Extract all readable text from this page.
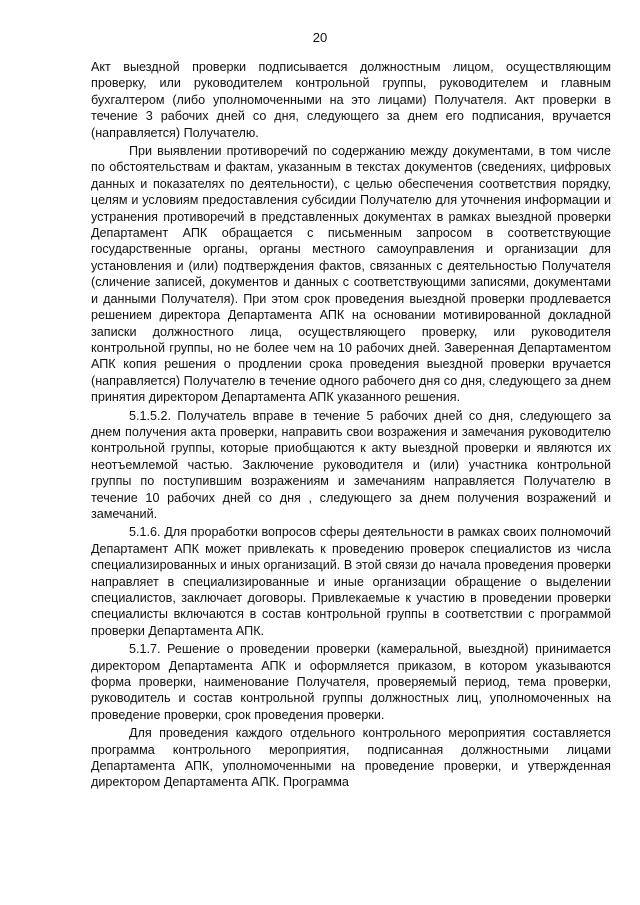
20

Акт выездной проверки подписывается должностным лицом, осуществляющим проверку, или руководителем контрольной группы, руководителем и главным бухгалтером (либо уполномоченными на это лицами) Получателя. Акт проверки в течение 3 рабочих дней со дня, следующего за днем его подписания, вручается (направляется) Получателю.

При выявлении противоречий по содержанию между документами, в том числе по обстоятельствам и фактам, указанным в текстах документов (сведениях, цифровых данных и показателях по деятельности), с целью обеспечения соответствия порядку, целям и условиям предоставления субсидии Получателю для уточнения информации и устранения противоречий в представленных документах в рамках выездной проверки Департамент АПК обращается с письменным запросом в соответствующие государственные органы, органы местного самоуправления и организации для установления и (или) подтверждения фактов, связанных с деятельностью Получателя (сличение записей, документов и данных с соответствующими записями, документами и данными Получателя). При этом срок проведения выездной проверки продлевается решением директора Департамента АПК на основании мотивированной докладной записки должностного лица, осуществляющего проверку, или руководителя контрольной группы, но не более чем на 10 рабочих дней. Заверенная Департаментом АПК копия решения о продлении срока проведения выездной проверки вручается (направляется) Получателю в течение одного рабочего дня со дня, следующего за днем принятия директором Департамента АПК указанного решения.

5.1.5.2. Получатель вправе в течение 5 рабочих дней со дня, следующего за днем получения акта проверки, направить свои возражения и замечания руководителю контрольной группы, которые приобщаются к акту выездной проверки и являются их неотъемлемой частью. Заключение руководителя и (или) участника контрольной группы по поступившим возражениям и замечаниям направляется Получателю в течение 10 рабочих дней со дня , следующего за днем получения возражений и замечаний.

5.1.6. Для проработки вопросов сферы деятельности в рамках своих полномочий Департамент АПК может привлекать к проведению проверок специалистов из числа специализированных и иных организаций. В этой связи до начала проведения проверки направляет в специализированные и иные организации обращение о выделении специалистов, заключает договоры. Привлекаемые к участию в проведении проверки специалисты включаются в состав контрольной группы в соответствии с программой проверки Департамента АПК.

5.1.7. Решение о проведении проверки (камеральной, выездной) принимается директором Департамента АПК и оформляется приказом, в котором указываются форма проверки, наименование Получателя, проверяемый период, тема проверки, руководитель и состав контрольной группы должностных лиц, уполномоченных на проведение проверки, срок проведения проверки.

Для проведения каждого отдельного контрольного мероприятия составляется программа контрольного мероприятия, подписанная должностными лицами Департамента АПК, уполномоченными на проведение проверки, и утвержденная директором Департамента АПК. Программа
